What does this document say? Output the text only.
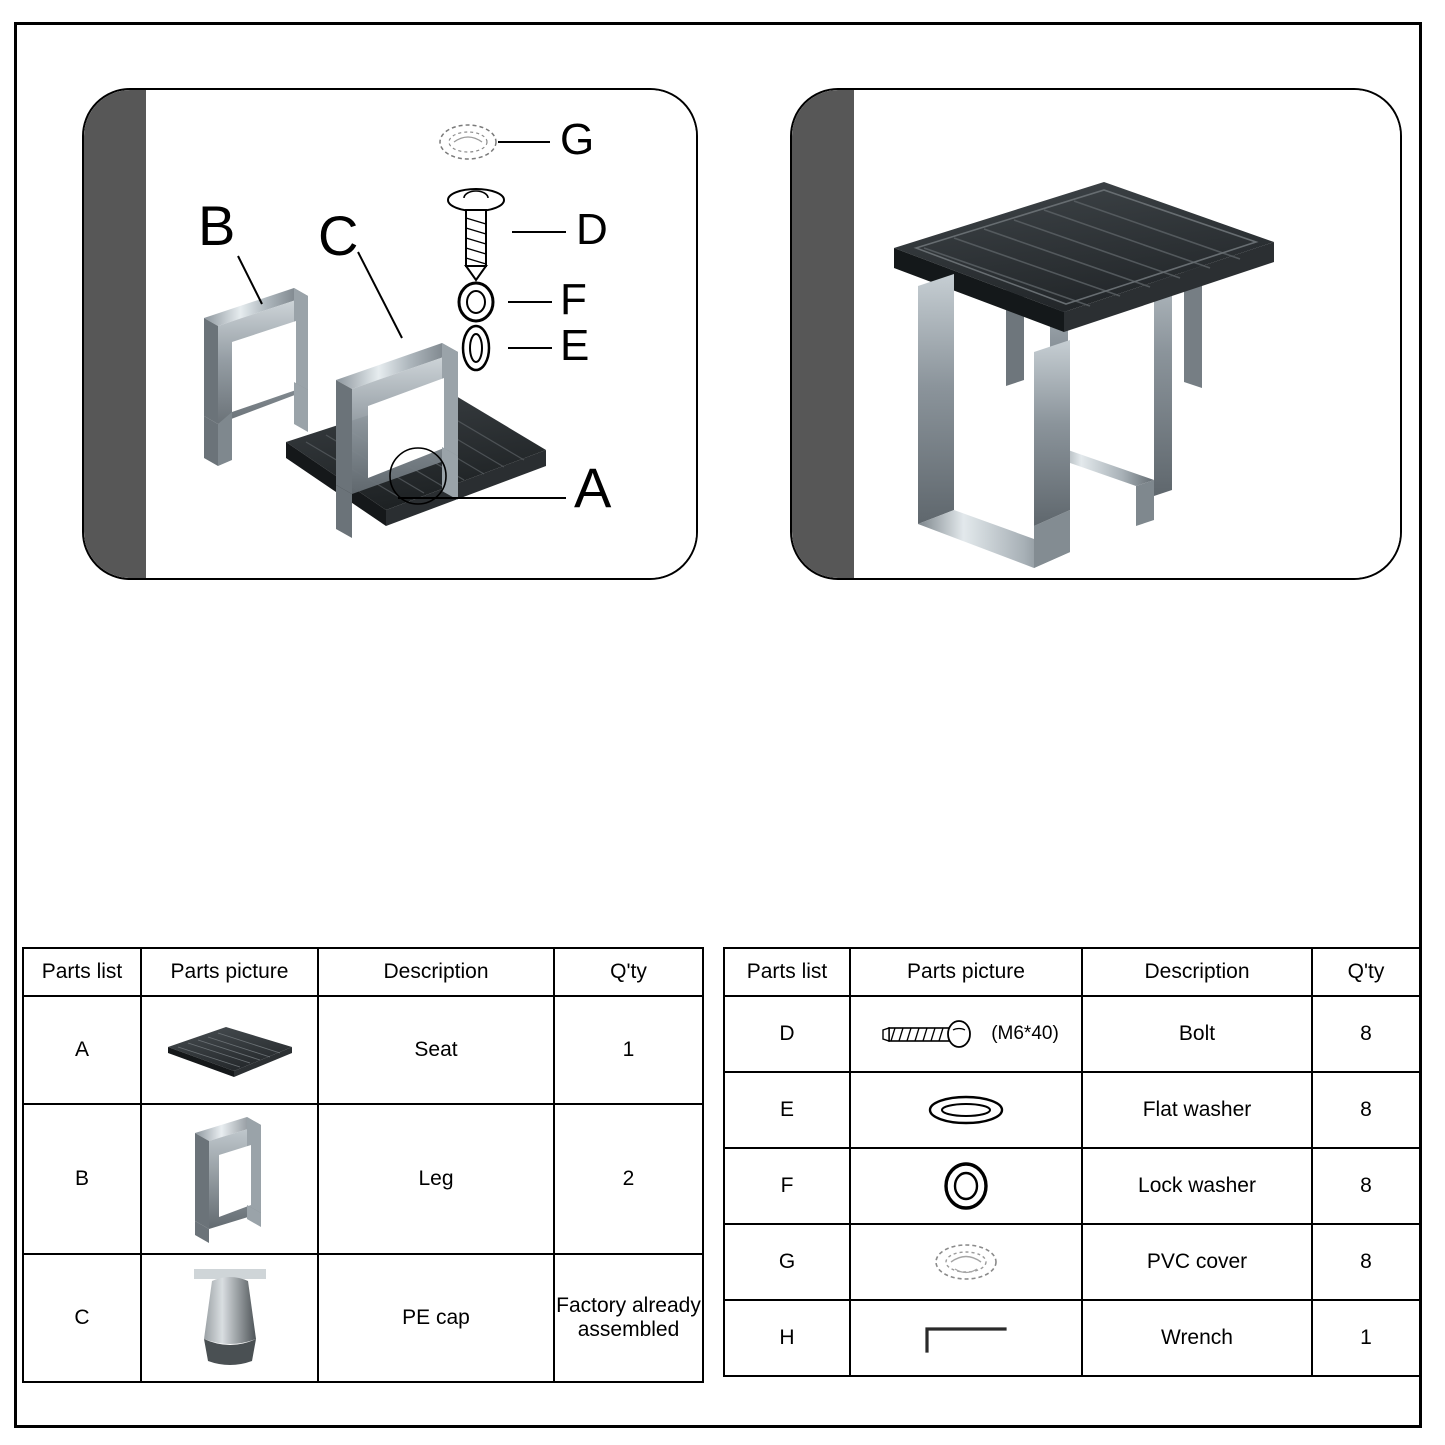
B C
G
D
F
E
A
Parts list	Parts picture	Description	Q'ty
A		Seat	1
B		Leg	2
C		PE cap	Factory already assembled
Parts list	Parts picture	Description	Q'ty
D	(M6*40)	Bolt	8
E		Flat washer	8
F		Lock washer	8
G		PVC cover	8
H		Wrench	1
